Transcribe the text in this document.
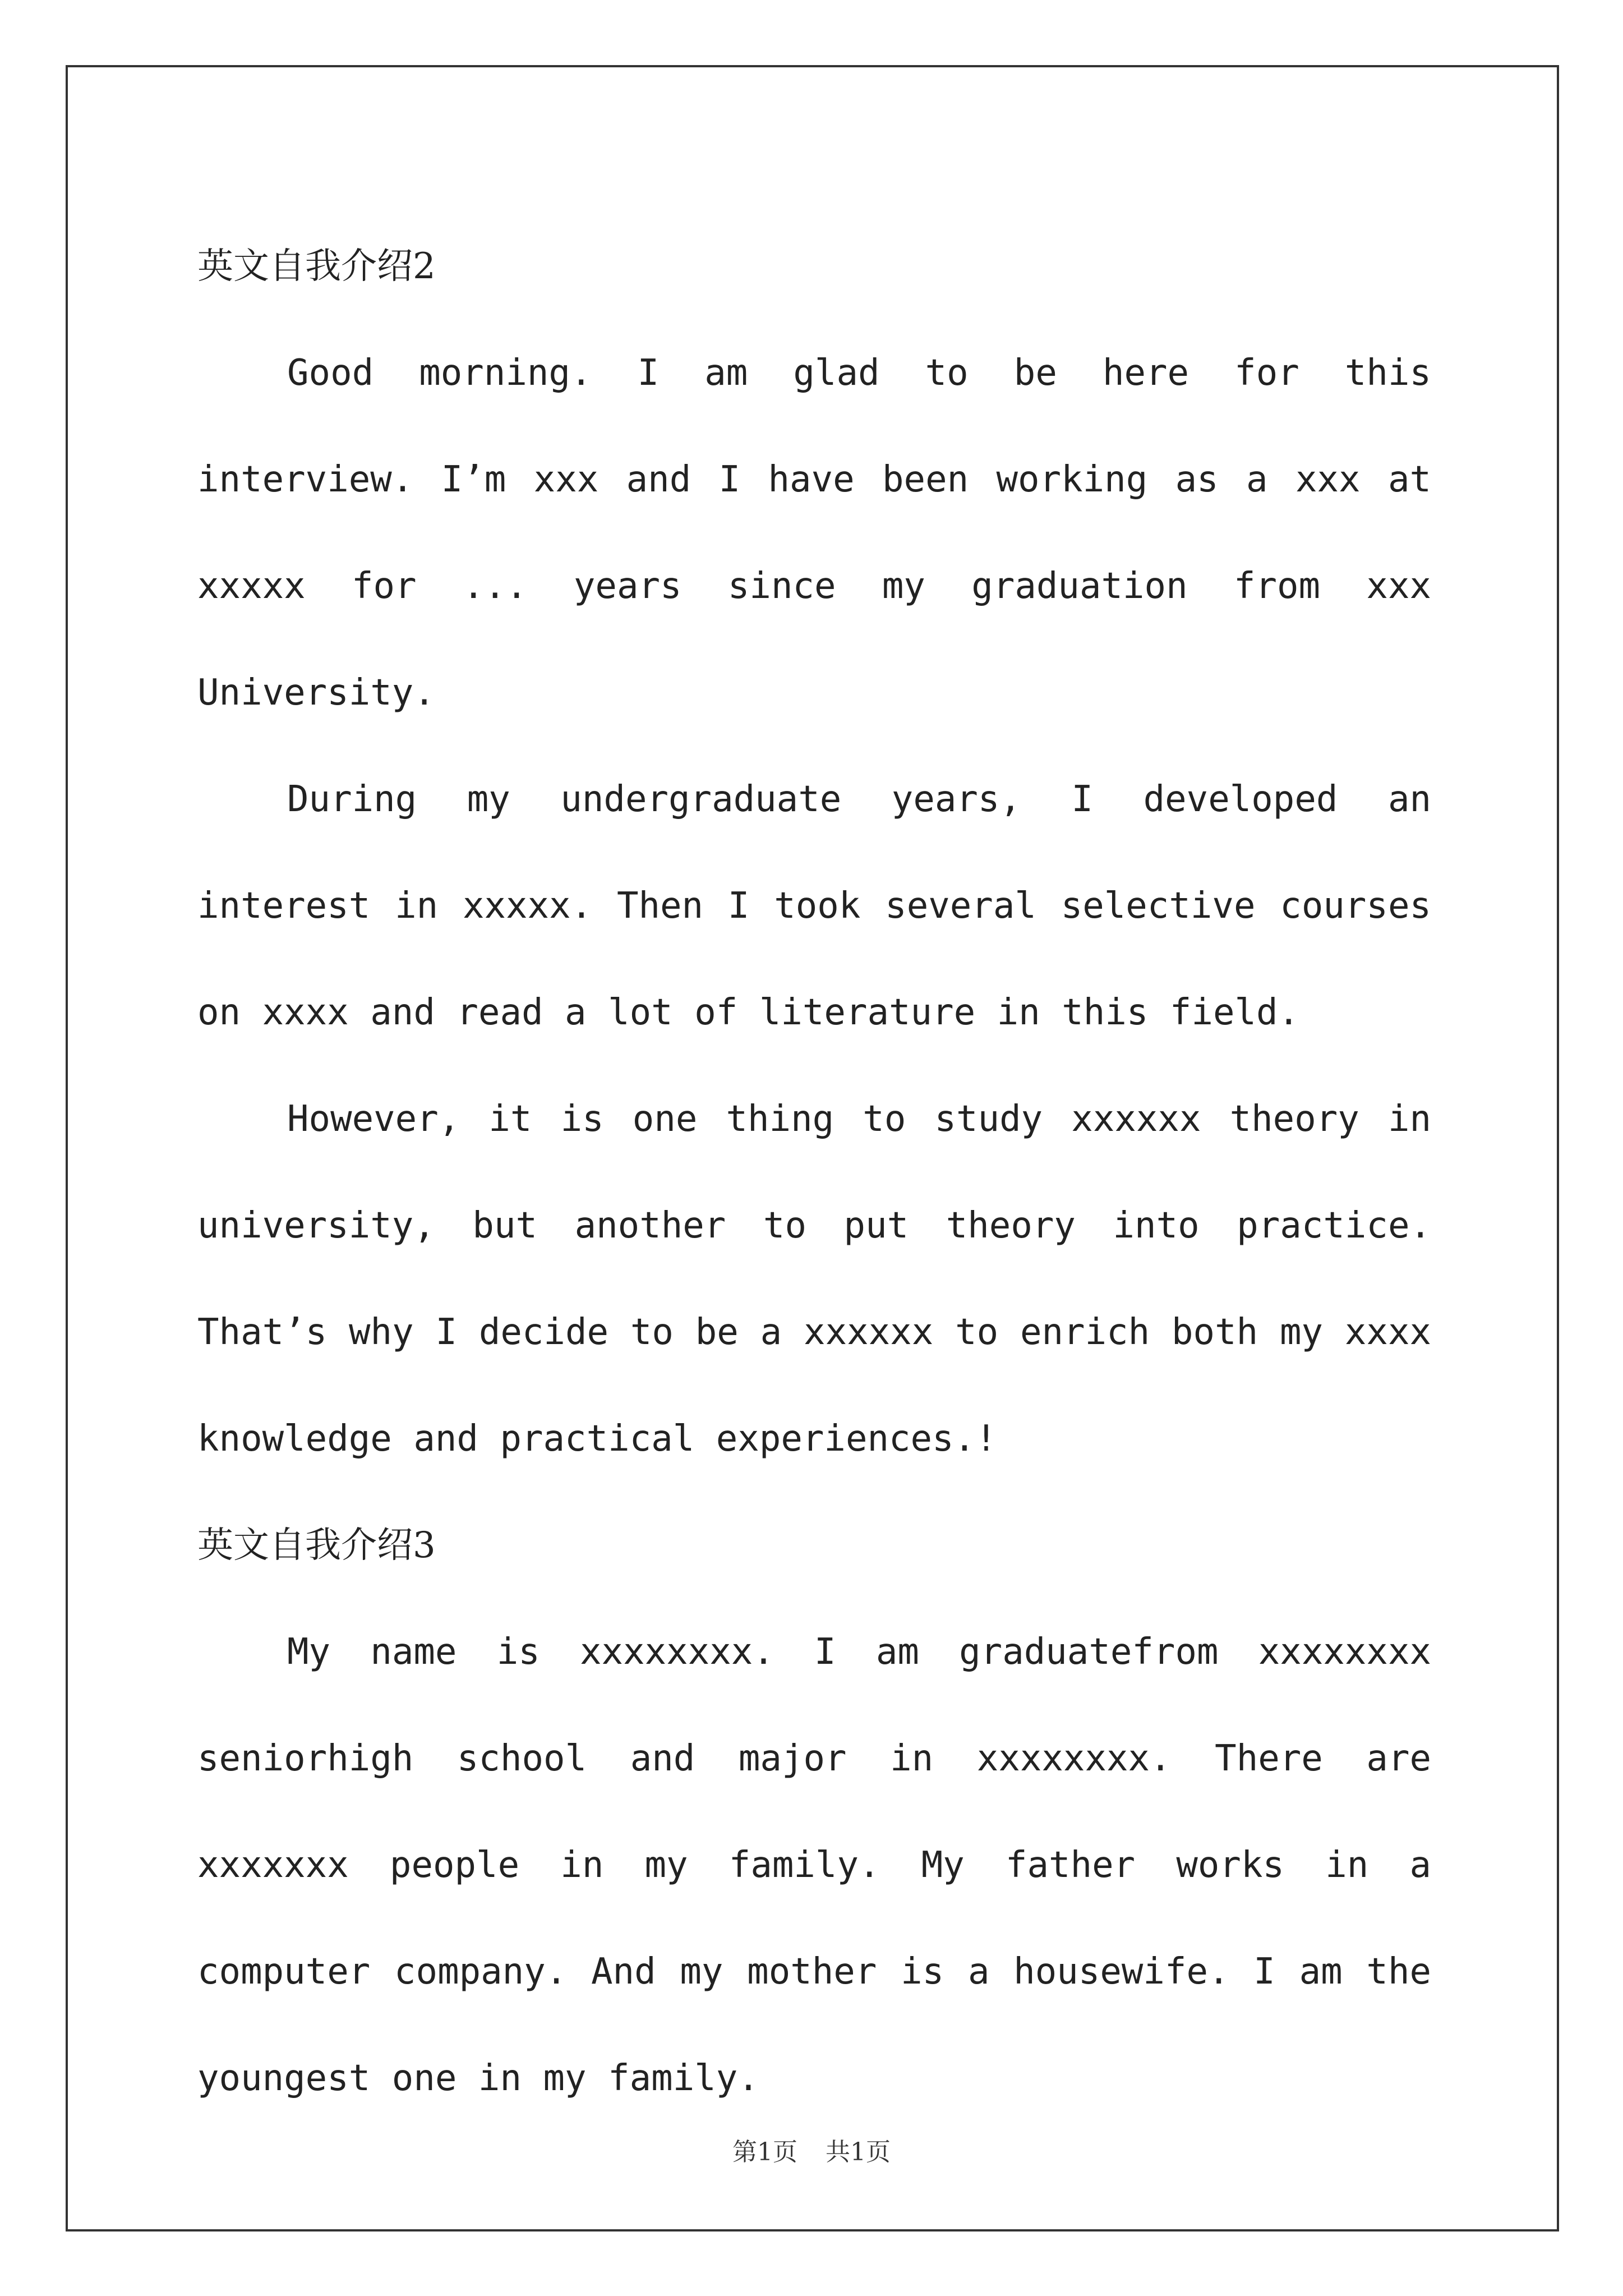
英文自我介绍2

Good morning. I am glad to be here for this interview. I’m xxx and I have been working as a xxx at xxxxx for ... years since my graduation from xxx University.

During my undergraduate years, I developed an interest in xxxxx. Then I took several selective courses on xxxx and read a lot of literature in this field.

However, it is one thing to study xxxxxx theory in university, but another to put theory into practice. That’s why I decide to be a xxxxxx to enrich both my xxxx knowledge and practical experiences.!

英文自我介绍3

My name is xxxxxxxx. I am graduatefrom xxxxxxxx seniorhigh school and major in xxxxxxxx. There are xxxxxxx people in my family. My father works in a computer company. And my mother is a housewife. I am the youngest one in my family.

第1页 共1页
